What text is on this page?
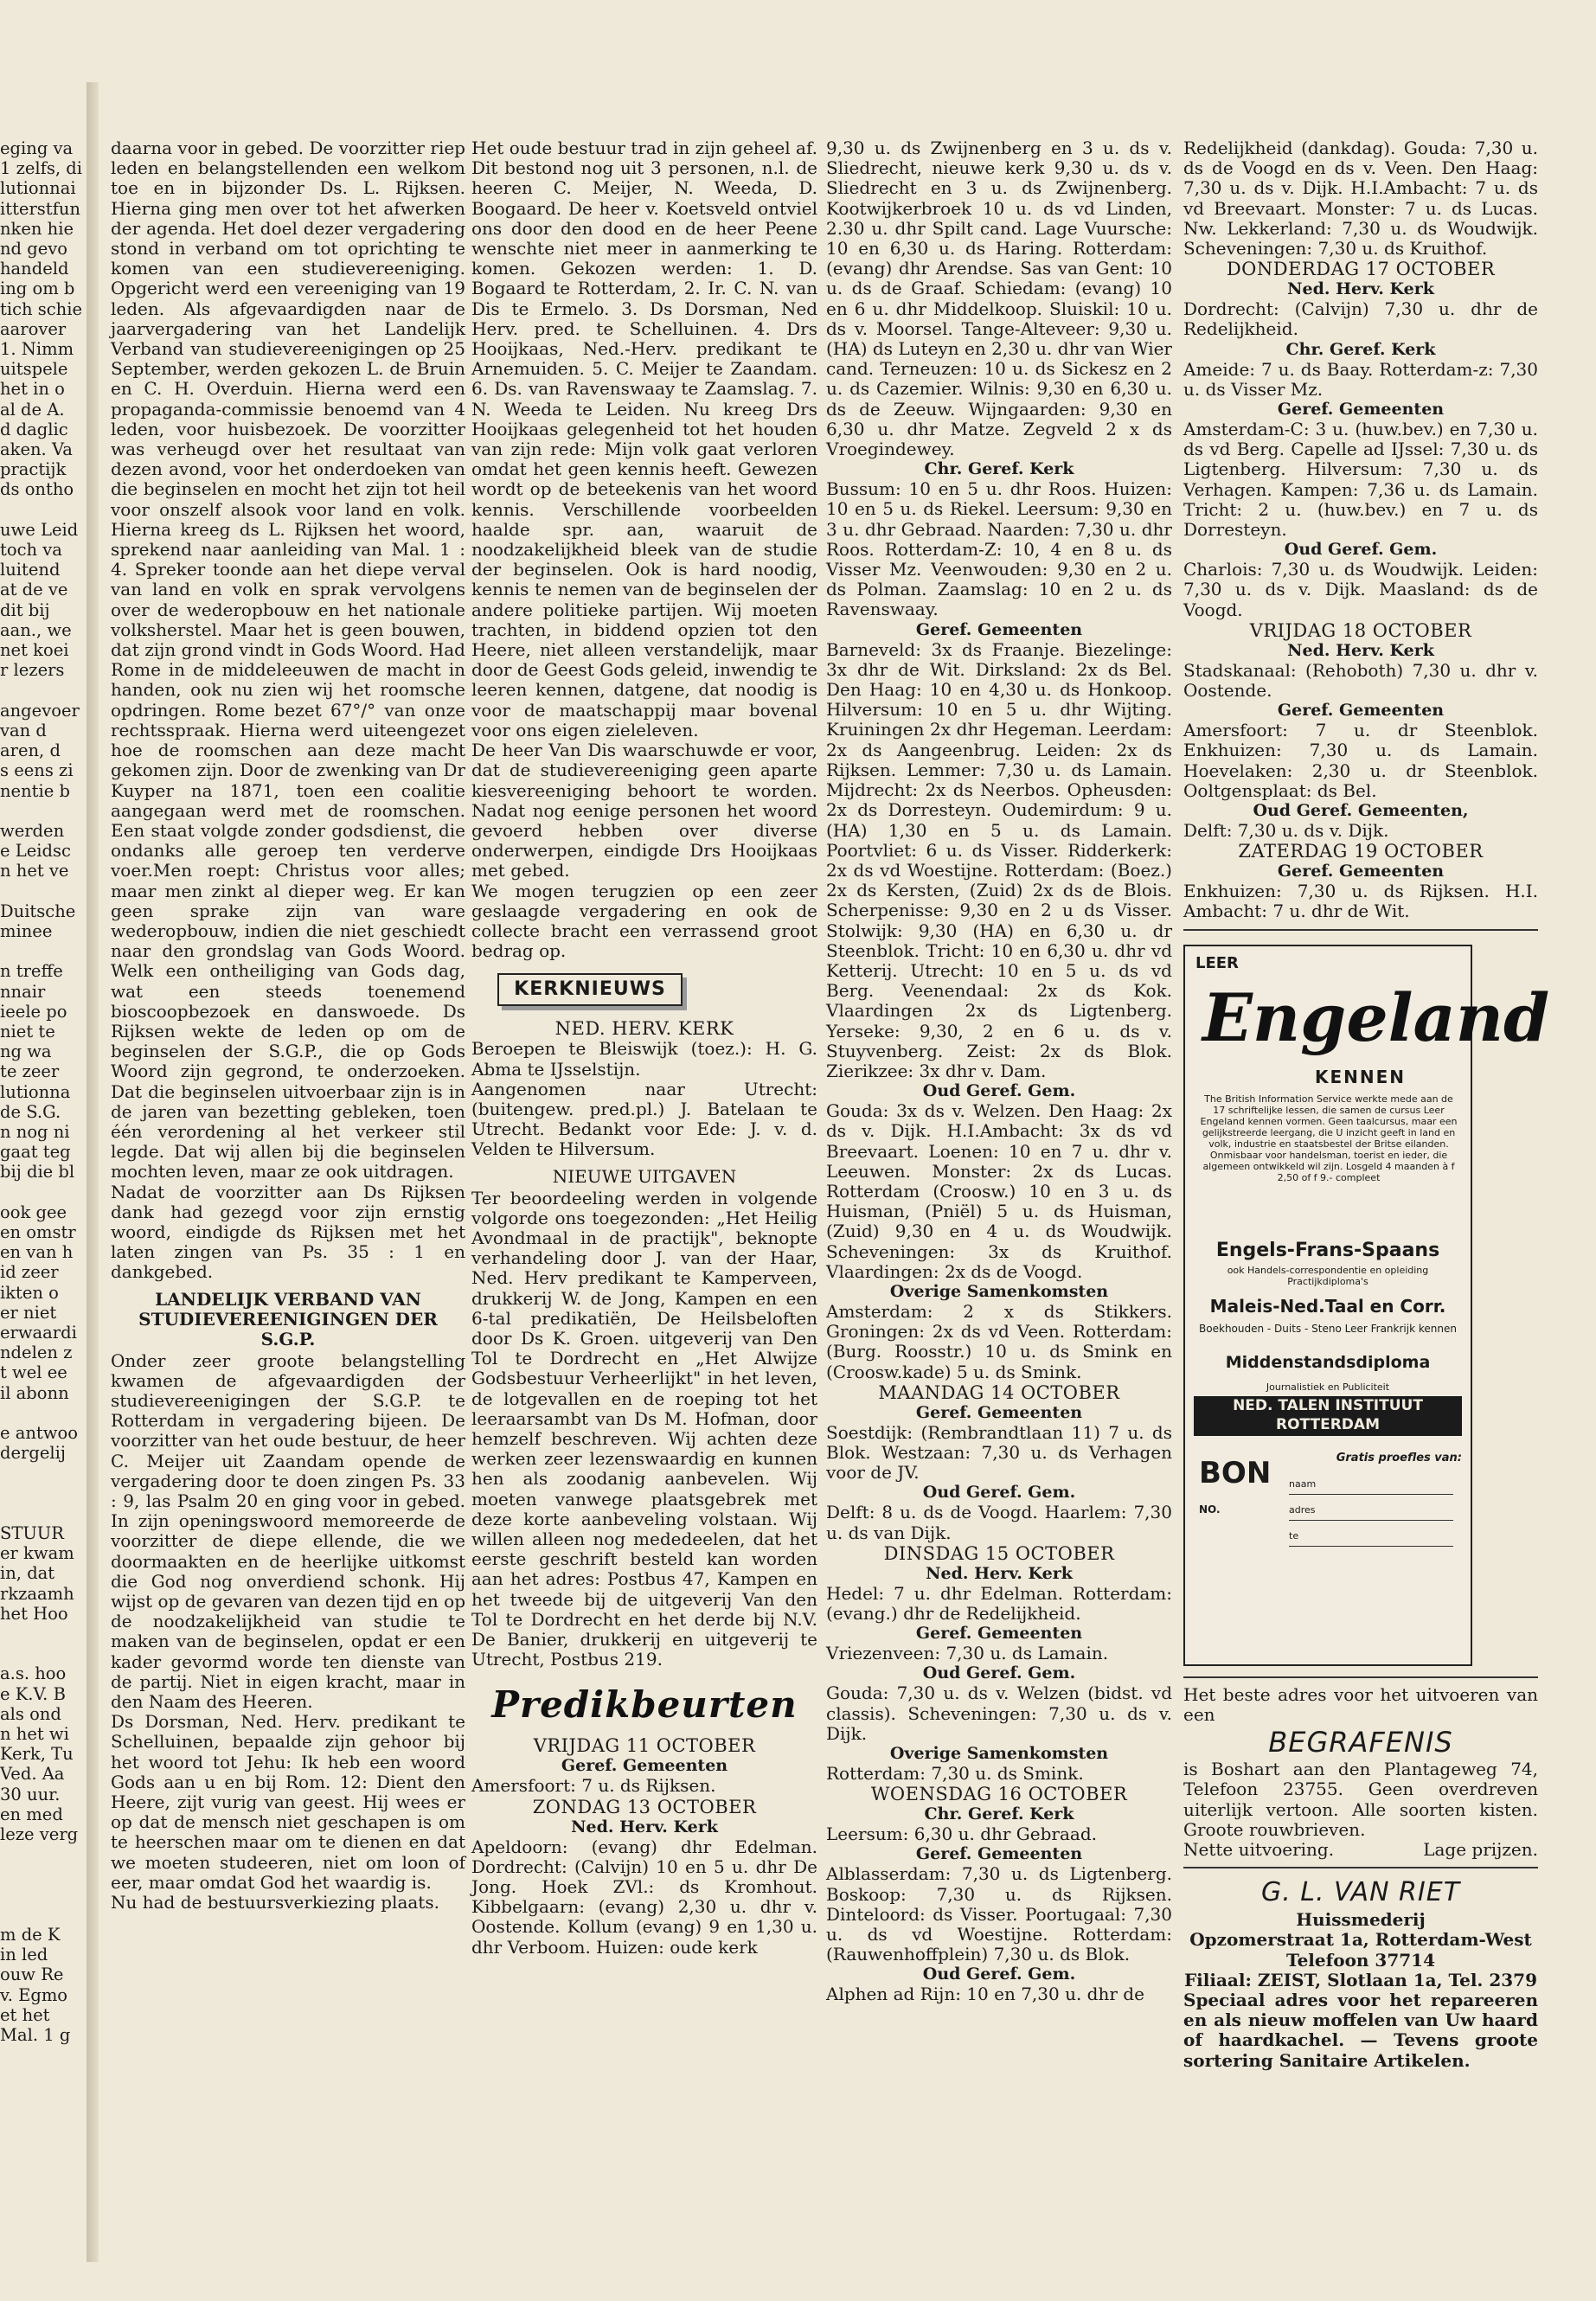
eging va
1 zelfs, di
lutionnai
itterstfun
nken hie
nd gevo
handeld
ing om b
tich schie
aarover
1. Nimm
uitspele
het in o
al de A.
d daglic
aken. Va
practijk
ds ontho

uwe Leid
toch va
luitend
at de ve
dit bij
aan., we
net koei
r lezers

angevoer
van d
aren, d
s eens zi
nentie b

werden
e Leidsc
n het ve

Duitsche
minee

n treffe
nnair
ieele po
niet te
ng wa
te zeer
lutionna
de S.G.
n nog ni
gaat teg
bij die bl

ook gee
en omstr
en van h
id zeer
ikten o
er niet
erwaardi
ndelen z
t wel ee
il abonn

e antwoo
dergelij

STUUR
er kwam
in, dat
rkzaamh
het Hoo

a.s. hoo
e K.V. B
als ond
n het wi
Kerk, Tu
Ved. Aa
30 uur.
en med
leze verg

m de K
in led
ouw Re
v. Egmo
et het
Mal. 1 g

daarna voor in gebed. De voorzitter riep leden en belangstellenden een welkom toe en in bijzonder Ds. L. Rijksen. Hierna ging men over tot het afwerken der agenda. Het doel dezer vergadering stond in verband om tot oprichting te komen van een studievereeniging. Opgericht werd een vereeniging van 19 leden. Als afgevaardigden naar de jaarvergadering van het Landelijk Verband van studievereenigingen op 25 September, werden gekozen L. de Bruin en C. H. Overduin. Hierna werd een propaganda-commissie benoemd van 4 leden, voor huisbezoek. De voorzitter was verheugd over het resultaat van dezen avond, voor het onderdoeken van die beginselen en mocht het zijn tot heil voor onszelf alsook voor land en volk. Hierna kreeg ds L. Rijksen het woord, sprekend naar aanleiding van Mal. 1 : 4. Spreker toonde aan het diepe verval van land en volk en sprak vervolgens over de wederopbouw en het nationale volksherstel. Maar het is geen bouwen, dat zijn grond vindt in Gods Woord. Had Rome in de middeleeuwen de macht in handen, ook nu zien wij het roomsche opdringen. Rome bezet 67°/° van onze rechtsspraak. Hierna werd uiteengezet hoe de roomschen aan deze macht gekomen zijn. Door de zwenking van Dr Kuyper na 1871, toen een coalitie aangegaan werd met de roomschen. Een staat volgde zonder godsdienst, die ondanks alle geroep ten verderve voer.Men roept: Christus voor alles; maar men zinkt al dieper weg. Er kan geen sprake zijn van ware wederopbouw, indien die niet geschiedt naar den grondslag van Gods Woord. Welk een ontheiliging van Gods dag, wat een steeds toenemend bioscoopbezoek en danswoede. Ds Rijksen wekte de leden op om de beginselen der S.G.P., die op Gods Woord zijn gegrond, te onderzoeken. Dat die beginselen uitvoerbaar zijn is in de jaren van bezetting gebleken, toen één verordening al het verkeer stil legde. Dat wij allen bij die beginselen mochten leven, maar ze ook uitdragen.

Nadat de voorzitter aan Ds Rijksen dank had gezegd voor zijn ernstig woord, eindigde ds Rijksen met het laten zingen van Ps. 35 : 1 en dankgebed.

LANDELIJK VERBAND VAN STUDIEVEREENIGINGEN DER S.G.P.

Onder zeer groote belangstelling kwamen de afgevaardigden der studievereenigingen der S.G.P. te Rotterdam in vergadering bijeen. De voorzitter van het oude bestuur, de heer C. Meijer uit Zaandam opende de vergadering door te doen zingen Ps. 33 : 9, las Psalm 20 en ging voor in gebed. In zijn openingswoord memoreerde de voorzitter de diepe ellende, die we doormaakten en de heerlijke uitkomst die God nog onverdiend schonk. Hij wijst op de gevaren van dezen tijd en op de noodzakelijkheid van studie te maken van de beginselen, opdat er een kader gevormd worde ten dienste van de partij. Niet in eigen kracht, maar in den Naam des Heeren.

Ds Dorsman, Ned. Herv. predikant te Schelluinen, bepaalde zijn gehoor bij het woord tot Jehu: Ik heb een woord Gods aan u en bij Rom. 12: Dient den Heere, zijt vurig van geest. Hij wees er op dat de mensch niet geschapen is om te heerschen maar om te dienen en dat we moeten studeeren, niet om loon of eer, maar omdat God het waardig is.

Nu had de bestuursverkiezing plaats.

Het oude bestuur trad in zijn geheel af. Dit bestond nog uit 3 personen, n.l. de heeren C. Meijer, N. Weeda, D. Boogaard. De heer v. Koetsveld ontviel ons door den dood en de heer Peene wenschte niet meer in aanmerking te komen. Gekozen werden: 1. D. Bogaard te Rotterdam, 2. Ir. C. N. van Dis te Ermelo. 3. Ds Dorsman, Ned Herv. pred. te Schelluinen. 4. Drs Hooijkaas, Ned.-Herv. predikant te Arnemuiden. 5. C. Meijer te Zaandam. 6. Ds. van Ravenswaay te Zaamslag. 7. N. Weeda te Leiden. Nu kreeg Drs Hooijkaas gelegenheid tot het houden van zijn rede: Mijn volk gaat verloren omdat het geen kennis heeft. Gewezen wordt op de beteekenis van het woord kennis. Verschillende voorbeelden haalde spr. aan, waaruit de noodzakelijkheid bleek van de studie der beginselen. Ook is hard noodig, kennis te nemen van de beginselen der andere politieke partijen. Wij moeten trachten, in biddend opzien tot den Heere, niet alleen verstandelijk, maar door de Geest Gods geleid, inwendig te leeren kennen, datgene, dat noodig is voor de maatschappij maar bovenal voor ons eigen zieleleven.

De heer Van Dis waarschuwde er voor, dat de studievereeniging geen aparte kiesvereeniging behoort te worden. Nadat nog eenige personen het woord gevoerd hebben over diverse onderwerpen, eindigde Drs Hooijkaas met gebed.

We mogen terugzien op een zeer geslaagde vergadering en ook de collecte bracht een verrassend groot bedrag op.

KERKNIEUWS
NED. HERV. KERK

Beroepen te Bleiswijk (toez.): H. G. Abma te IJsselstijn.

Aangenomen naar Utrecht: (buitengew. pred.pl.) J. Batelaan te Utrecht. Bedankt voor Ede: J. v. d. Velden te Hilversum.

NIEUWE UITGAVEN

Ter beoordeeling werden in volgende volgorde ons toegezonden: „Het Heilig Avondmaal in de practijk", beknopte verhandeling door J. van der Haar, Ned. Herv predikant te Kamperveen, drukkerij W. de Jong, Kampen en een 6-tal predikatiën, De Heilsbeloften door Ds K. Groen. uitgeverij van Den Tol te Dordrecht en „Het Alwijze Godsbestuur Verheerlijkt" in het leven, de lotgevallen en de roeping tot het leeraarsambt van Ds M. Hofman, door hemzelf beschreven. Wij achten deze werken zeer lezenswaardig en kunnen hen als zoodanig aanbevelen. Wij moeten vanwege plaatsgebrek met deze korte aanbeveling volstaan. Wij willen alleen nog mededeelen, dat het eerste geschrift besteld kan worden aan het adres: Postbus 47, Kampen en het tweede bij de uitgeverij Van den Tol te Dordrecht en het derde bij N.V. De Banier, drukkerij en uitgeverij te Utrecht, Postbus 219.

Predikbeurten
VRIJDAG 11 OCTOBER
Geref. Gemeenten

Amersfoort: 7 u. ds Rijksen.

ZONDAG 13 OCTOBER
Ned. Herv. Kerk

Apeldoorn: (evang) dhr Edelman. Dordrecht: (Calvijn) 10 en 5 u. dhr De Jong. Hoek ZVl.: ds Kromhout. Kibbelgaarn: (evang) 2,30 u. dhr v. Oostende. Kollum (evang) 9 en 1,30 u. dhr Verboom. Huizen: oude kerk

9,30 u. ds Zwijnenberg en 3 u. ds v. Sliedrecht, nieuwe kerk 9,30 u. ds v. Sliedrecht en 3 u. ds Zwijnenberg. Kootwijkerbroek 10 u. ds vd Linden, 2.30 u. dhr Spilt cand. Lage Vuursche: 10 en 6,30 u. ds Haring. Rotterdam: (evang) dhr Arendse. Sas van Gent: 10 u. ds de Graaf. Schiedam: (evang) 10 en 6 u. dhr Middelkoop. Sluiskil: 10 u. ds v. Moorsel. Tange-Alteveer: 9,30 u. (HA) ds Luteyn en 2,30 u. dhr van Wier cand. Terneuzen: 10 u. ds Sickesz en 2 u. ds Cazemier. Wilnis: 9,30 en 6,30 u. ds de Zeeuw. Wijngaarden: 9,30 en 6,30 u. dhr Matze. Zegveld 2 x ds Vroegindewey.

Chr. Geref. Kerk

Bussum: 10 en 5 u. dhr Roos. Huizen: 10 en 5 u. ds Riekel. Leersum: 9,30 en 3 u. dhr Gebraad. Naarden: 7,30 u. dhr Roos. Rotterdam-Z: 10, 4 en 8 u. ds Visser Mz. Veenwouden: 9,30 en 2 u. ds Polman. Zaamslag: 10 en 2 u. ds Ravenswaay.

Geref. Gemeenten

Barneveld: 3x ds Fraanje. Biezelinge: 3x dhr de Wit. Dirksland: 2x ds Bel. Den Haag: 10 en 4,30 u. ds Honkoop. Hilversum: 10 en 5 u. dhr Wijting. Kruiningen 2x dhr Hegeman. Leerdam: 2x ds Aangeenbrug. Leiden: 2x ds Rijksen. Lemmer: 7,30 u. ds Lamain. Mijdrecht: 2x ds Neerbos. Opheusden: 2x ds Dorresteyn. Oudemirdum: 9 u. (HA) 1,30 en 5 u. ds Lamain. Poortvliet: 6 u. ds Visser. Ridderkerk: 2x ds vd Woestijne. Rotterdam: (Boez.) 2x ds Kersten, (Zuid) 2x ds de Blois. Scherpenisse: 9,30 en 2 u ds Visser. Stolwijk: 9,30 (HA) en 6,30 u. dr Steenblok. Tricht: 10 en 6,30 u. dhr vd Ketterij. Utrecht: 10 en 5 u. ds vd Berg. Veenendaal: 2x ds Kok. Vlaardingen 2x ds Ligtenberg. Yerseke: 9,30, 2 en 6 u. ds v. Stuyvenberg. Zeist: 2x ds Blok. Zierikzee: 3x dhr v. Dam.

Oud Geref. Gem.

Gouda: 3x ds v. Welzen. Den Haag: 2x ds v. Dijk. H.I.Ambacht: 3x ds vd Breevaart. Loenen: 10 en 7 u. dhr v. Leeuwen. Monster: 2x ds Lucas. Rotterdam (Croosw.) 10 en 3 u. ds Huisman, (Pniël) 5 u. ds Huisman, (Zuid) 9,30 en 4 u. ds Woudwijk. Scheveningen: 3x ds Kruithof. Vlaardingen: 2x ds de Voogd.

Overige Samenkomsten

Amsterdam: 2 x ds Stikkers. Groningen: 2x ds vd Veen. Rotterdam: (Burg. Roosstr.) 10 u. ds Smink en (Croosw.kade) 5 u. ds Smink.

MAANDAG 14 OCTOBER
Geref. Gemeenten

Soestdijk: (Rembrandtlaan 11) 7 u. ds Blok. Westzaan: 7,30 u. ds Verhagen voor de JV.

Oud Geref. Gem.

Delft: 8 u. ds de Voogd. Haarlem: 7,30 u. ds van Dijk.

DINSDAG 15 OCTOBER
Ned. Herv. Kerk

Hedel: 7 u. dhr Edelman. Rotterdam: (evang.) dhr de Redelijkheid.

Geref. Gemeenten

Vriezenveen: 7,30 u. ds Lamain.

Oud Geref. Gem.

Gouda: 7,30 u. ds v. Welzen (bidst. vd classis). Scheveningen: 7,30 u. ds v. Dijk.

Overige Samenkomsten

Rotterdam: 7,30 u. ds Smink.

WOENSDAG 16 OCTOBER
Chr. Geref. Kerk

Leersum: 6,30 u. dhr Gebraad.

Geref. Gemeenten

Alblasserdam: 7,30 u. ds Ligtenberg. Boskoop: 7,30 u. ds Rijksen. Dinteloord: ds Visser. Poortugaal: 7,30 u. ds vd Woestijne. Rotterdam: (Rauwenhoffplein) 7,30 u. ds Blok.

Oud Geref. Gem.

Alphen ad Rijn: 10 en 7,30 u. dhr de

Redelijkheid (dankdag). Gouda: 7,30 u. ds de Voogd en ds v. Veen. Den Haag: 7,30 u. ds v. Dijk. H.I.Ambacht: 7 u. ds vd Breevaart. Monster: 7 u. ds Lucas. Nw. Lekkerland: 7,30 u. ds Woudwijk. Scheveningen: 7,30 u. ds Kruithof.

DONDERDAG 17 OCTOBER
Ned. Herv. Kerk

Dordrecht: (Calvijn) 7,30 u. dhr de Redelijkheid.

Chr. Geref. Kerk

Ameide: 7 u. ds Baay. Rotterdam-z: 7,30 u. ds Visser Mz.

Geref. Gemeenten

Amsterdam-C: 3 u. (huw.bev.) en 7,30 u. ds vd Berg. Capelle ad IJssel: 7,30 u. ds Ligtenberg. Hilversum: 7,30 u. ds Verhagen. Kampen: 7,36 u. ds Lamain. Tricht: 2 u. (huw.bev.) en 7 u. ds Dorresteyn.

Oud Geref. Gem.

Charlois: 7,30 u. ds Woudwijk. Leiden: 7,30 u. ds v. Dijk. Maasland: ds de Voogd.

VRIJDAG 18 OCTOBER
Ned. Herv. Kerk

Stadskanaal: (Rehoboth) 7,30 u. dhr v. Oostende.

Geref. Gemeenten

Amersfoort: 7 u. dr Steenblok. Enkhuizen: 7,30 u. ds Lamain. Hoevelaken: 2,30 u. dr Steenblok. Ooltgensplaat: ds Bel.

Oud Geref. Gemeenten,

Delft: 7,30 u. ds v. Dijk.

ZATERDAG 19 OCTOBER
Geref. Gemeenten

Enkhuizen: 7,30 u. ds Rijksen. H.I. Ambacht: 7 u. dhr de Wit.

LEER
Engeland
KENNEN
The British Information Service werkte mede aan de 17 schriftelijke lessen, die samen de cursus Leer Engeland kennen vormen. Geen taalcursus, maar een gelijkstreerde leergang, die U inzicht geeft in land en volk, industrie en staatsbestel der Britse eilanden. Onmisbaar voor handelsman, toerist en ieder, die algemeen ontwikkeld wil zijn. Losgeld 4 maanden à f 2,50 of f 9.- compleet
Engels-Frans-Spaans
ook Handels-correspondentie en opleiding Practijkdiploma's
Maleis-Ned.Taal en Corr.
Boekhouden - Duits - Steno Leer Frankrijk kennen
Middenstandsdiploma
Journalistiek en Publiciteit
NED. TALEN INSTITUUT
ROTTERDAM
Gratis proefles van:
BON naam
NO.	adres
te

Het beste adres voor het uitvoeren van een

BEGRAFENIS

is Boshart aan den Plantageweg 74, Telefoon 23755. Geen overdreven uiterlijk vertoon. Alle soorten kisten. Groote rouwbrieven.

Nette uitvoering.	Lage prijzen.
G. L. VAN RIET
Huissmederij
Opzomerstraat 1a, Rotterdam-West
Telefoon 37714
Filiaal: ZEIST, Slotlaan 1a, Tel. 2379

Speciaal adres voor het repareeren en als nieuw moffelen van Uw haard of haardkachel. — Tevens groote sortering Sanitaire Artikelen.
